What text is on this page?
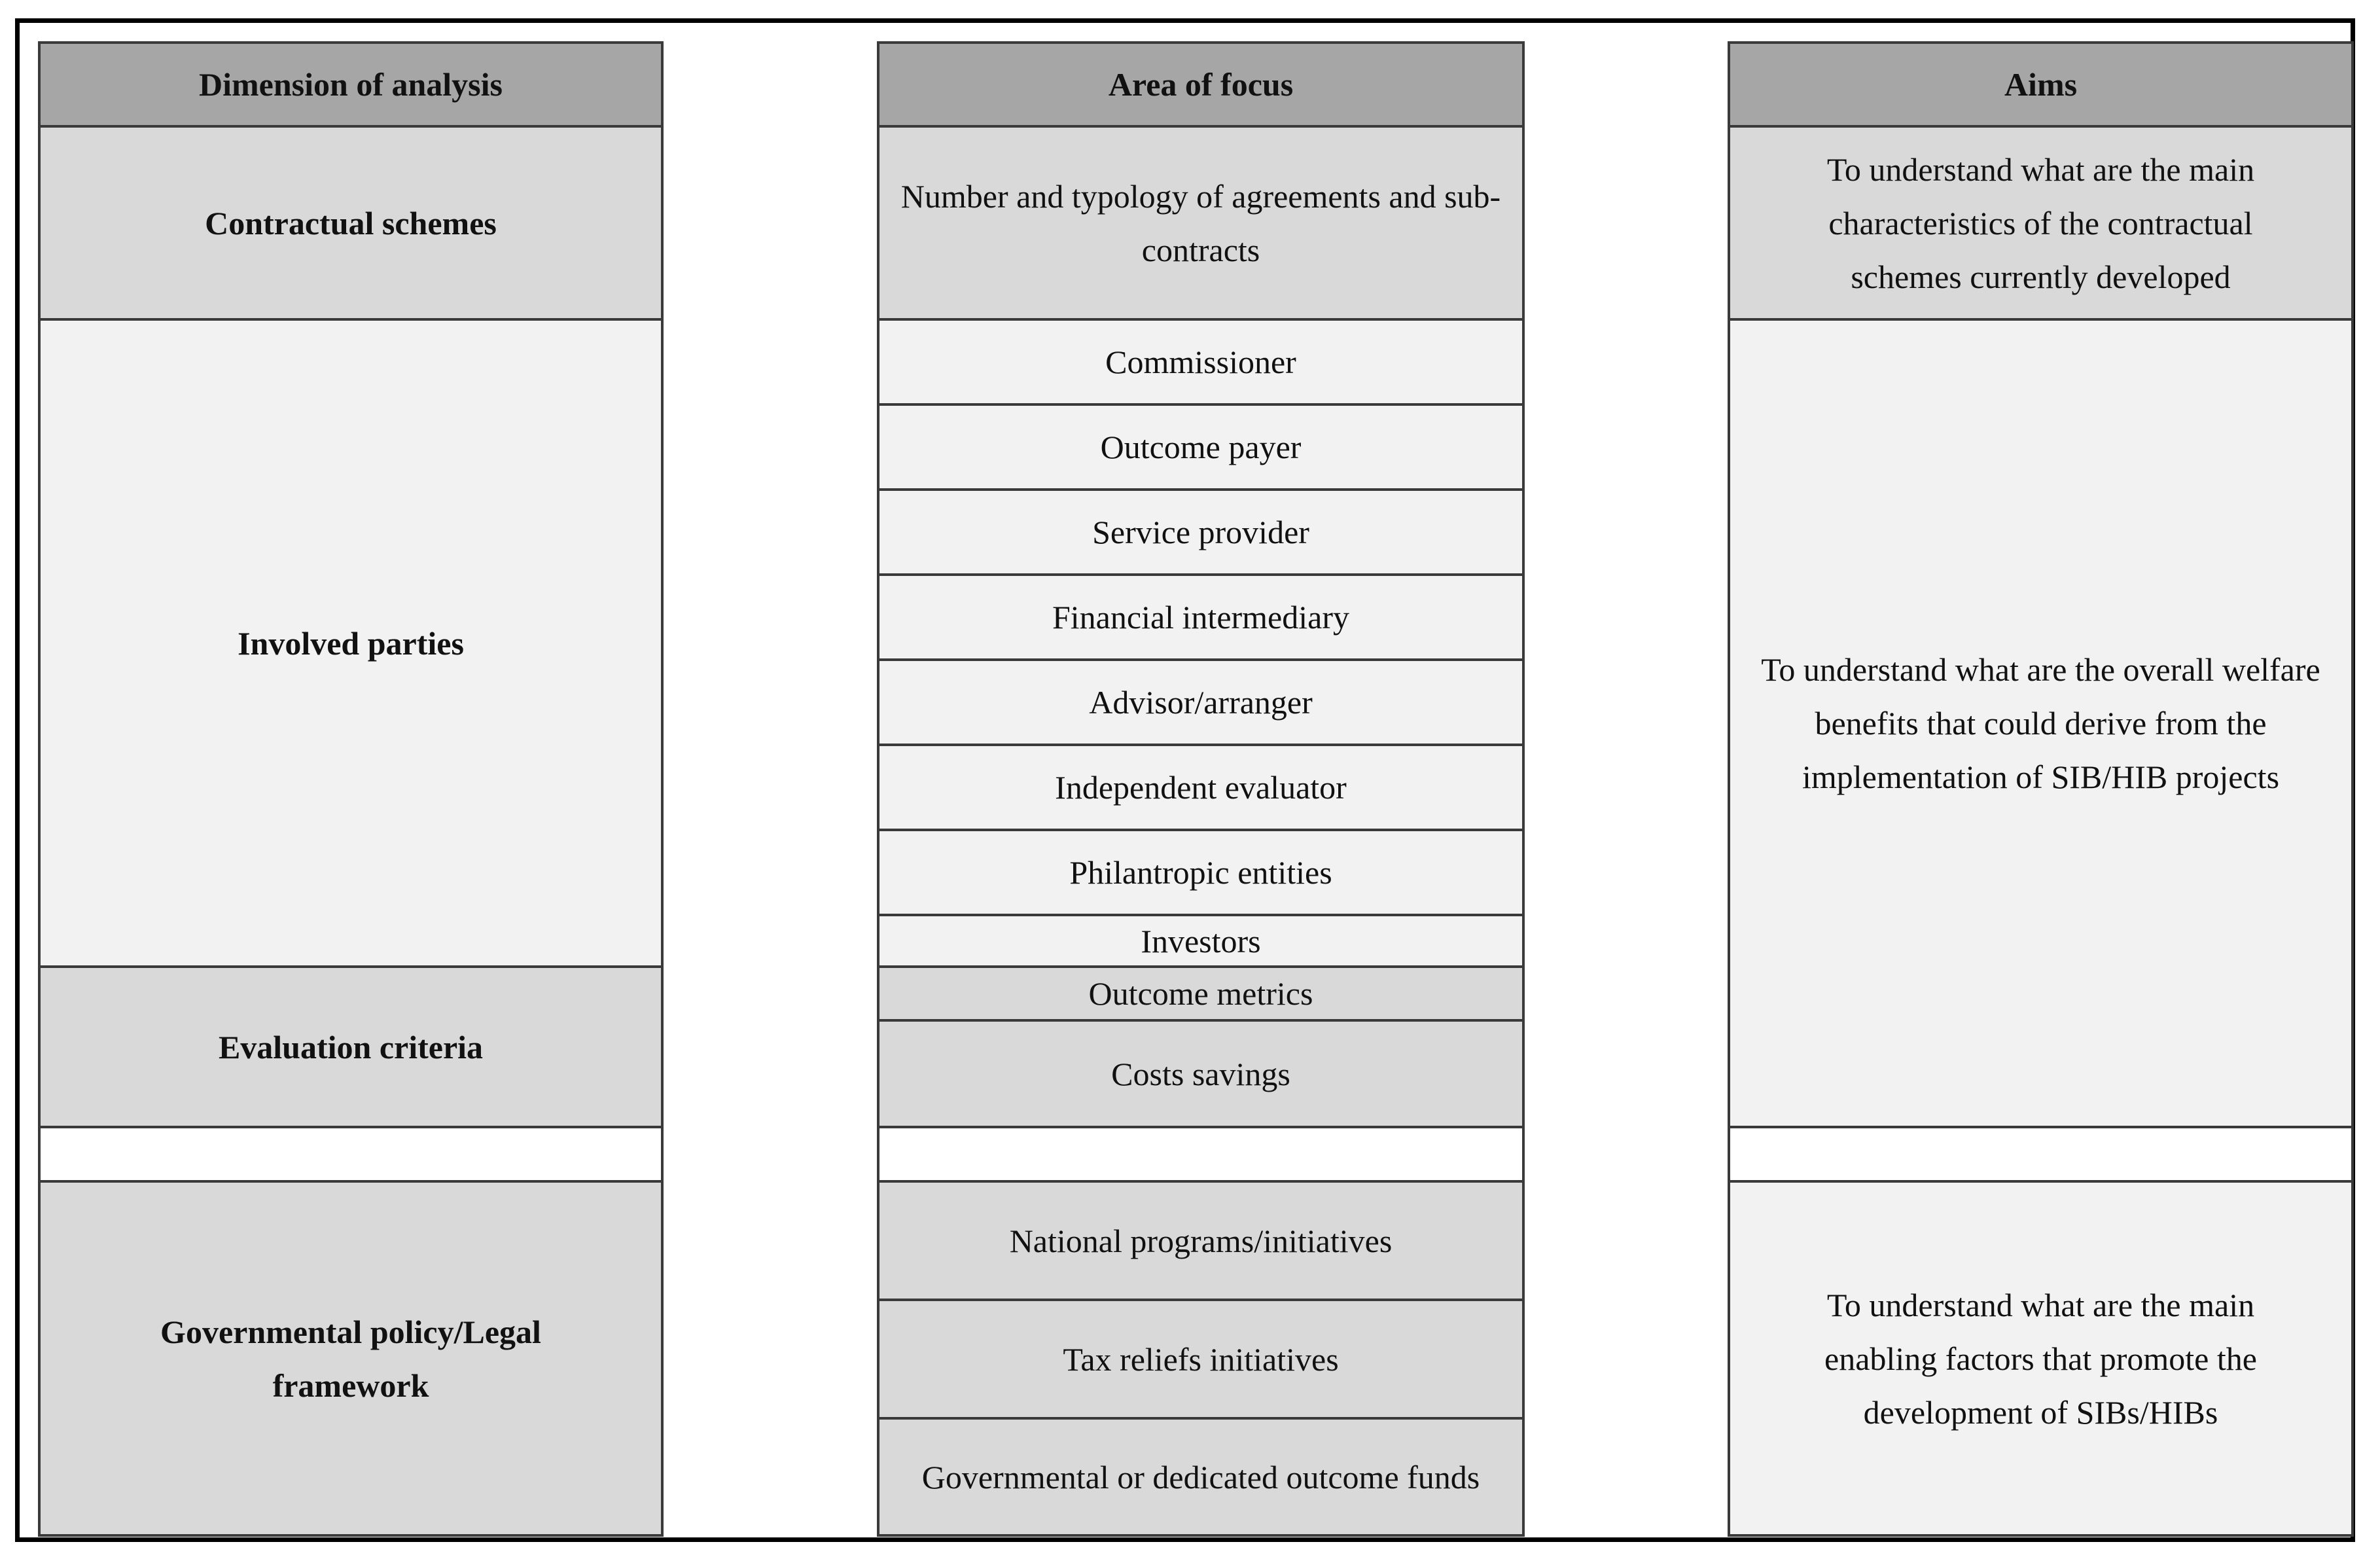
Dimension of analysis
Contractual schemes
Involved parties
Evaluation criteria
Governmental policy/Legal framework
Area of focus
Number and typology of agreements and sub-contracts
Commissioner
Outcome payer
Service provider
Financial intermediary
Advisor/arranger
Independent evaluator
Philantropic entities
Investors
Outcome metrics
Costs savings
National programs/initiatives
Tax reliefs initiatives
Governmental or dedicated outcome funds
Aims
To understand what are the main characteristics of the contractual schemes currently developed
To understand what are the overall welfare benefits that could derive from the implementation of SIB/HIB projects
To understand what are the main enabling factors that promote the development of SIBs/HIBs
